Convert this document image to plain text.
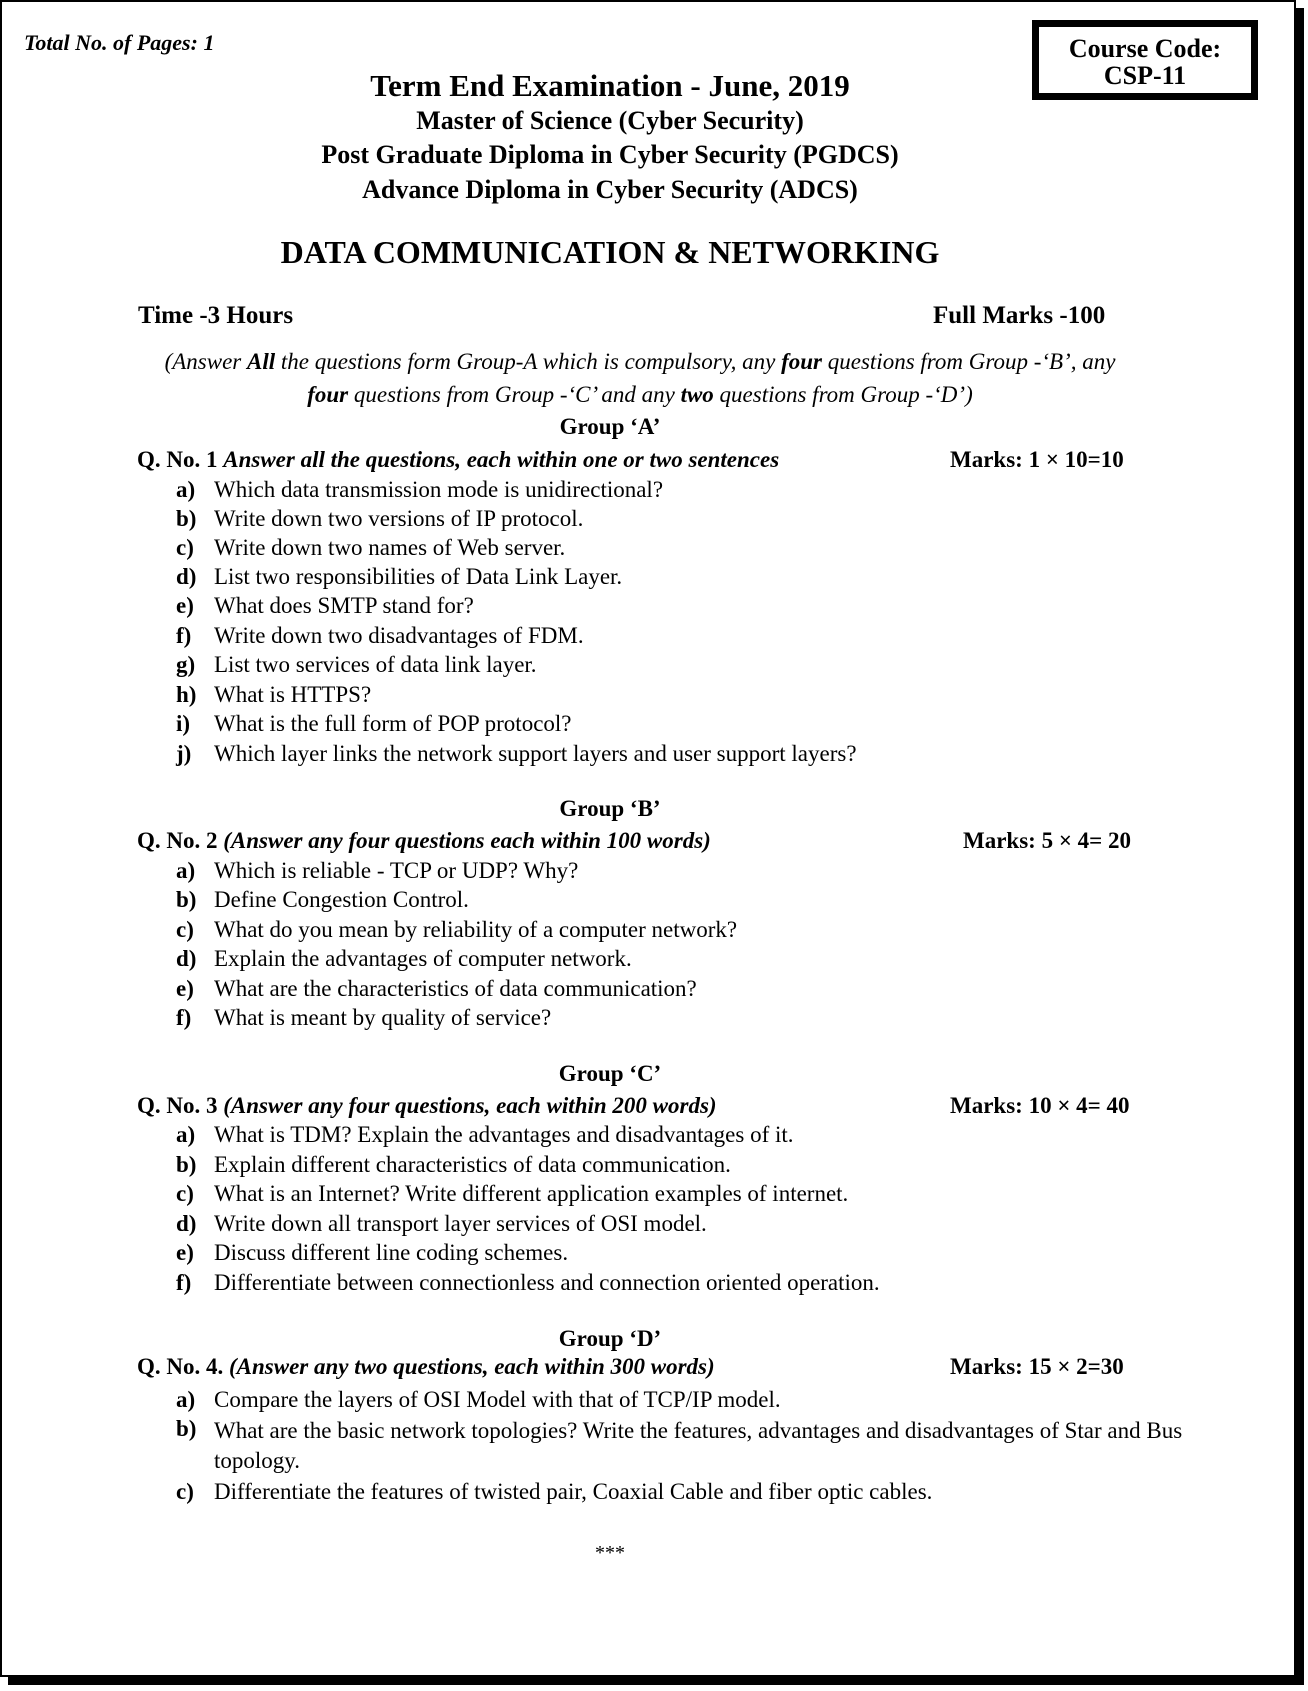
Total No. of Pages: 1	Course Code:
CSP-11
Term End Examination - June, 2019
Master of Science (Cyber Security)
Post Graduate Diploma in Cyber Security (PGDCS)
Advance Diploma in Cyber Security (ADCS)
DATA COMMUNICATION & NETWORKING
Time -3 Hours	Full Marks -100
(Answer All the questions form Group-A which is compulsory, any four questions from Group -‘B’, any four questions from Group -‘C’ and any two questions from Group -‘D’)
Group ‘A’
Q. No. 1 Answer all the questions, each within one or two sentences	Marks: 1 × 10=10
a) Which data transmission mode is unidirectional?
b) Write down two versions of IP protocol.
c) Write down two names of Web server.
d) List two responsibilities of Data Link Layer.
e) What does SMTP stand for?
f) Write down two disadvantages of FDM.
g) List two services of data link layer.
h) What is HTTPS?
i) What is the full form of POP protocol?
j) Which layer links the network support layers and user support layers?
Group ‘B’
Q. No. 2 (Answer any four questions each within 100 words)	Marks: 5 × 4= 20
a) Which is reliable - TCP or UDP? Why?
b) Define Congestion Control.
c) What do you mean by reliability of a computer network?
d) Explain the advantages of computer network.
e) What are the characteristics of data communication?
f) What is meant by quality of service?
Group ‘C’
Q. No. 3 (Answer any four questions, each within 200 words)	Marks: 10 × 4= 40
a) What is TDM? Explain the advantages and disadvantages of it.
b) Explain different characteristics of data communication.
c) What is an Internet? Write different application examples of internet.
d) Write down all transport layer services of OSI model.
e) Discuss different line coding schemes.
f) Differentiate between connectionless and connection oriented operation.
Group ‘D’
Q. No. 4. (Answer any two questions, each within 300 words)	Marks: 15 × 2=30
a) Compare the layers of OSI Model with that of TCP/IP model.
b) What are the basic network topologies? Write the features, advantages and disadvantages of Star and Bus topology.
c) Differentiate the features of twisted pair, Coaxial Cable and fiber optic cables.
***
